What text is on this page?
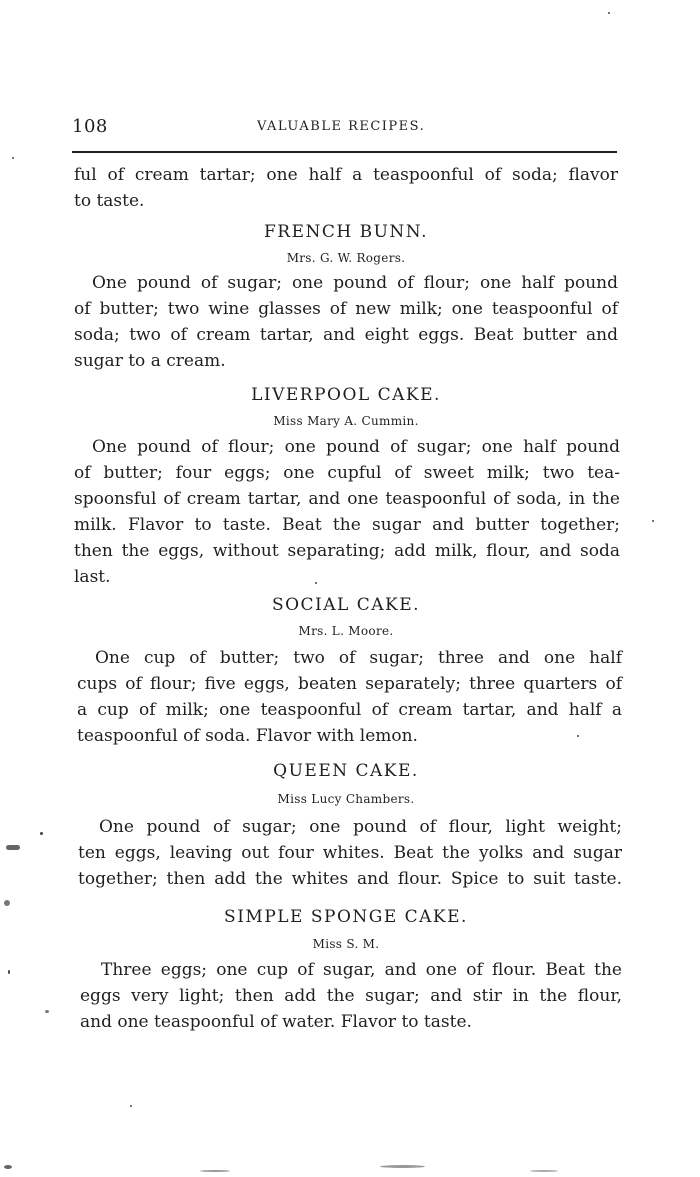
108	VALUABLE RECIPES.

ful of cream tartar; one half a teaspoonful of soda; flavor
to taste.

FRENCH BUNN.
Mrs. G. W. Rogers.

One pound of sugar; one pound of flour; one half pound
of butter; two wine glasses of new milk; one teaspoonful of
soda; two of cream tartar, and eight eggs. Beat butter and
sugar to a cream.

LIVERPOOL CAKE.
Miss Mary A. Cummin.

One pound of flour; one pound of sugar; one half pound
of butter; four eggs; one cupful of sweet milk; two tea-
spoonsful of cream tartar, and one teaspoonful of soda, in the
milk. Flavor to taste. Beat the sugar and butter together;
then the eggs, without separating; add milk, flour, and soda
last.

SOCIAL CAKE.
Mrs. L. Moore.

One cup of butter; two of sugar; three and one half
cups of flour; five eggs, beaten separately; three quarters of
a cup of milk; one teaspoonful of cream tartar, and half a
teaspoonful of soda. Flavor with lemon.

QUEEN CAKE.
Miss Lucy Chambers.

One pound of sugar; one pound of flour, light weight;
ten eggs, leaving out four whites. Beat the yolks and sugar
together; then add the whites and flour. Spice to suit taste.

SIMPLE SPONGE CAKE.
Miss S. M.

Three eggs; one cup of sugar, and one of flour. Beat the
eggs very light; then add the sugar; and stir in the flour,
and one teaspoonful of water. Flavor to taste.
